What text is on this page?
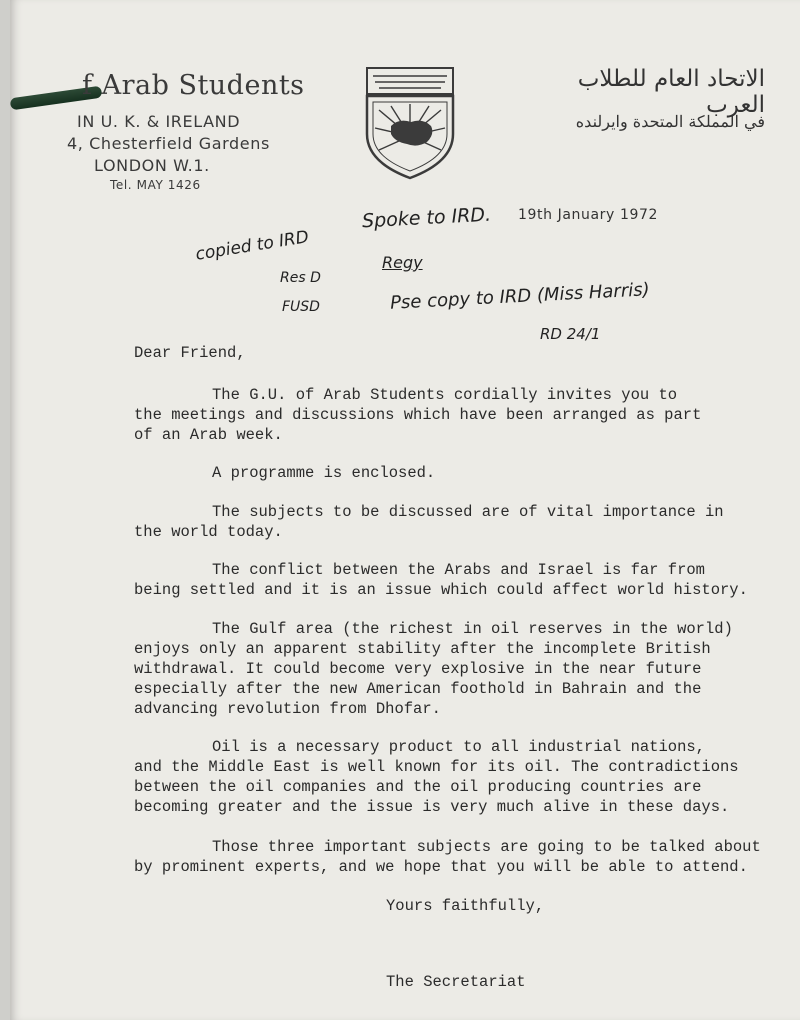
f Arab Students
IN U. K. & IRELAND
4, Chesterfield Gardens
LONDON W.1.
Tel. MAY 1426
الاتحاد العام للطلاب العرب
في المملكة المتحدة وايرلنده
19th January 1972
copied to IRD
Res D
FUSD
Spoke to IRD.
Regy
Pse copy to IRD (Miss Harris)
RD 24/1
Dear Friend,
The G.U. of Arab Students cordially invites you to
the meetings and discussions which have been arranged as part
of an Arab week.
A programme is enclosed.
The subjects to be discussed are of vital importance in
the world today.
The conflict between the Arabs and Israel is far from
being settled and it is an issue which could affect world history.
The Gulf area (the richest in oil reserves in the world)
enjoys only an apparent stability after the incomplete British
withdrawal. It could become very explosive in the near future
especially after the new American foothold in Bahrain and the
advancing revolution from Dhofar.
Oil is a necessary product to all industrial nations,
and the Middle East is well known for its oil. The contradictions
between the oil companies and the oil producing countries are
becoming greater and the issue is very much alive in these days.
Those three important subjects are going to be talked about
by prominent experts, and we hope that you will be able to attend.
Yours faithfully,
The Secretariat
